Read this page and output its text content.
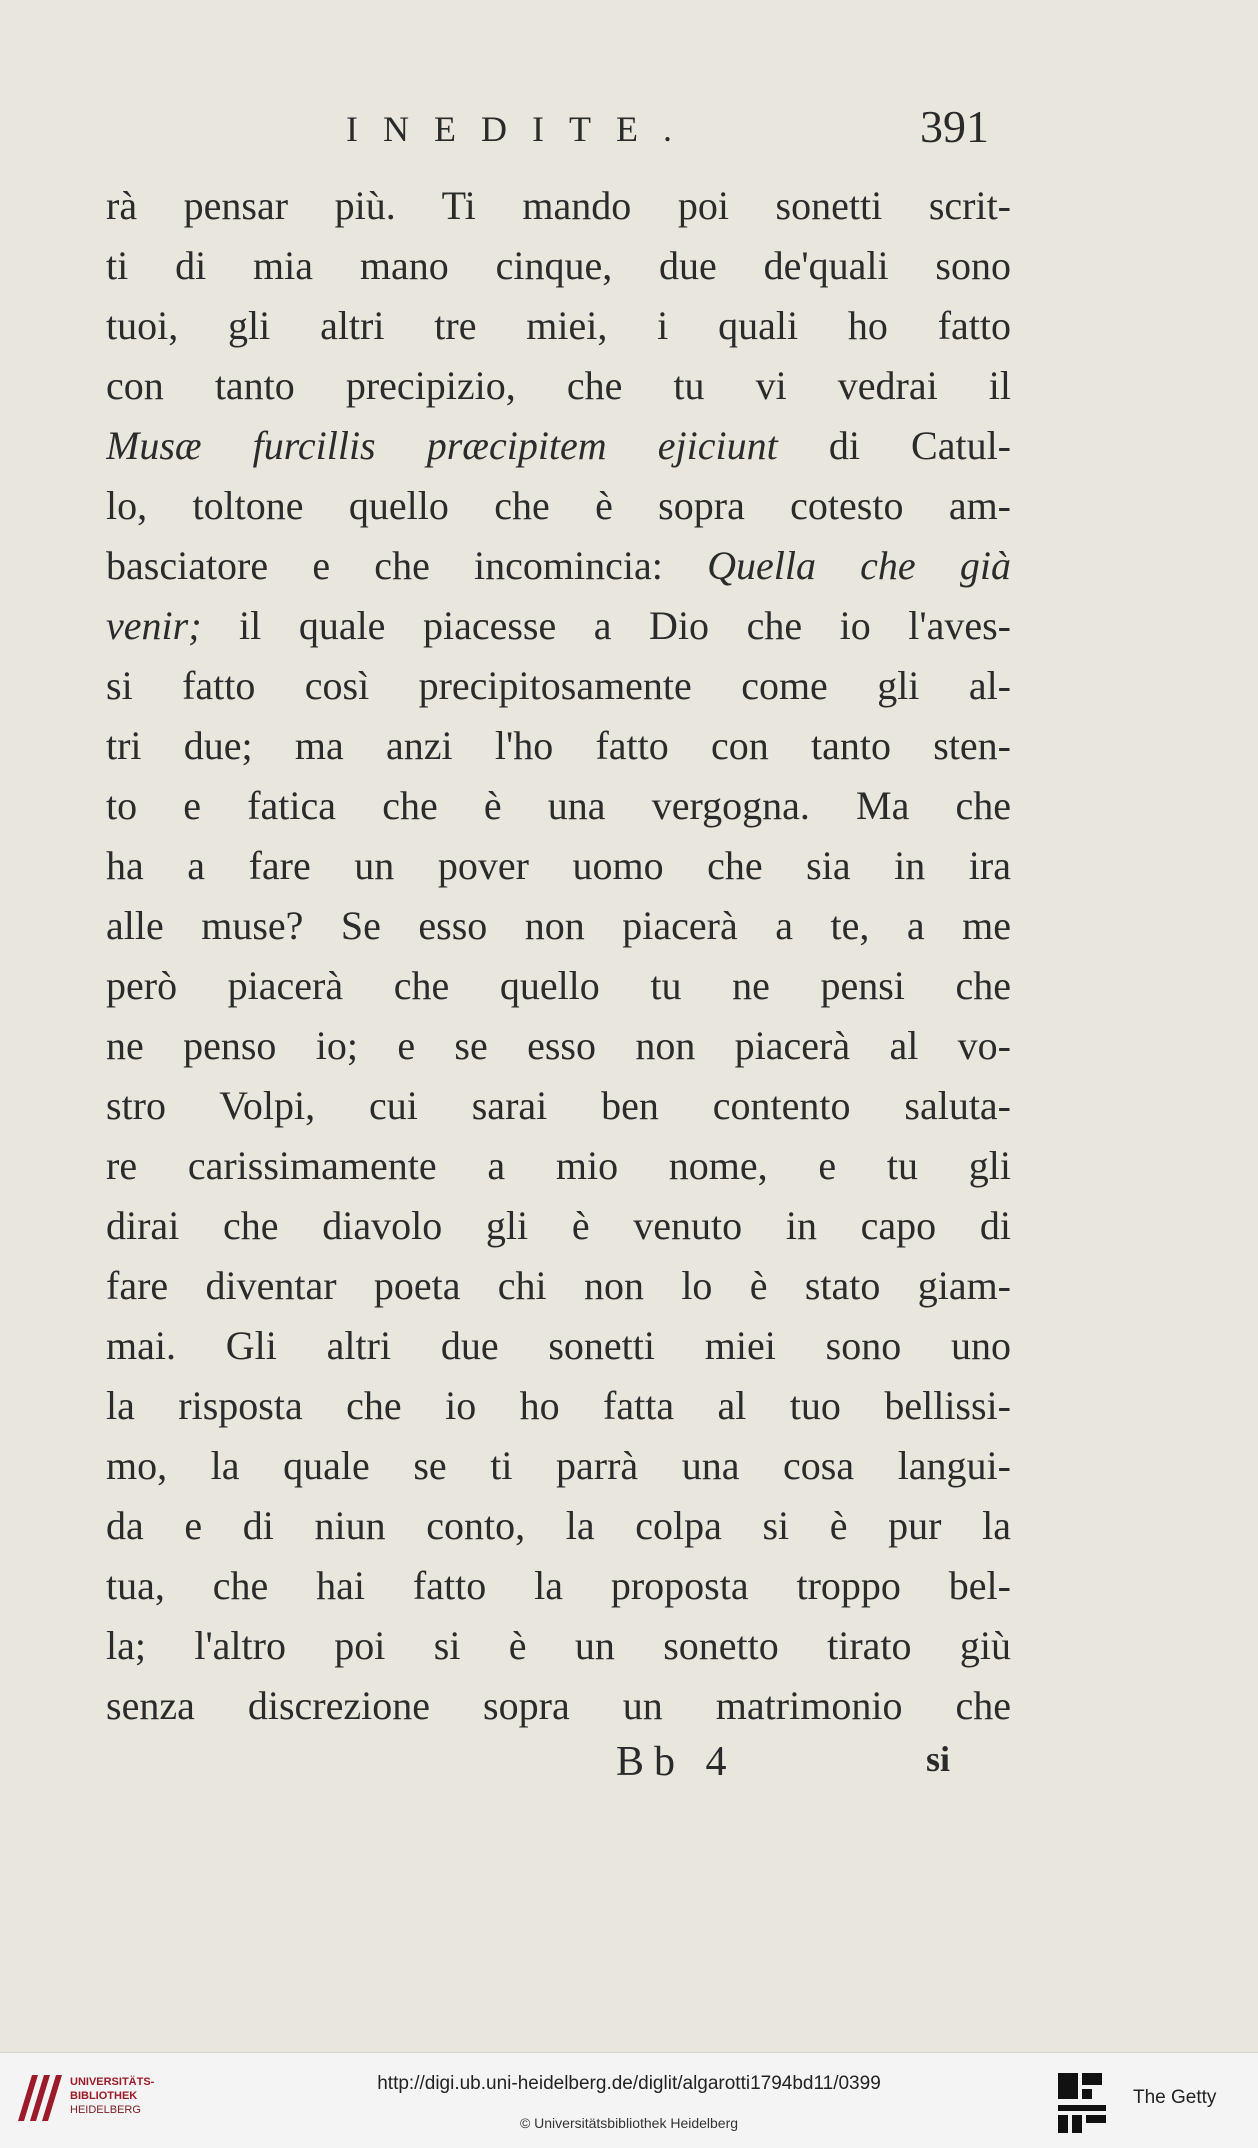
INEDITE.	391
rà pensar più. Ti mando poi sonetti scrit-
ti di mia mano cinque, due de'quali sono
tuoi, gli altri tre miei, i quali ho fatto
con tanto precipizio, che tu vi vedrai il
Musæ furcillis præcipitem ejiciunt di Catul-
lo, toltone quello che è sopra cotesto am-
basciatore e che incomincia: Quella che già
venir; il quale piacesse a Dio che io l'aves-
si fatto così precipitosamente come gli al-
tri due; ma anzi l'ho fatto con tanto sten-
to e fatica che è una vergogna. Ma che
ha a fare un pover uomo che sia in ira
alle muse? Se esso non piacerà a te, a me
però piacerà che quello tu ne pensi che
ne penso io; e se esso non piacerà al vo-
stro Volpi, cui sarai ben contento saluta-
re carissimamente a mio nome, e tu gli
dirai che diavolo gli è venuto in capo di
fare diventar poeta chi non lo è stato giam-
mai. Gli altri due sonetti miei sono uno
la risposta che io ho fatta al tuo bellissi-
mo, la quale se ti parrà una cosa langui-
da e di niun conto, la colpa si è pur la
tua, che hai fatto la proposta troppo bel-
la; l'altro poi si è un sonetto tirato giù
senza discrezione sopra un matrimonio che
Bb 4	si
UNIVERSITÄTS-
BIBLIOTHEK
HEIDELBERG
http://digi.ub.uni-heidelberg.de/diglit/algarotti1794bd11/0399
© Universitätsbibliothek Heidelberg
The Getty
